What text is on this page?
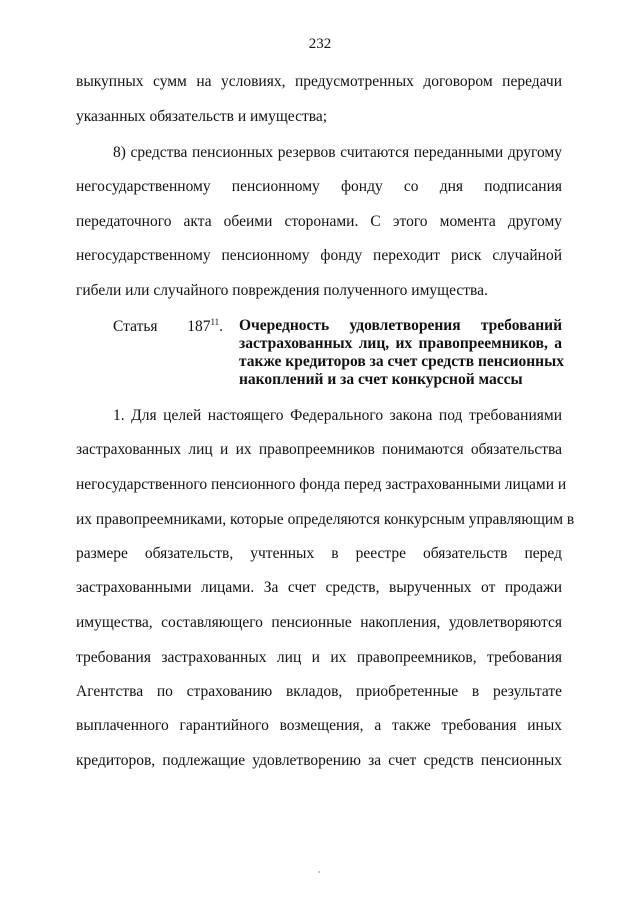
232
выкупных сумм на условиях, предусмотренных договором передачи
указанных обязательств и имущества;
8) средства пенсионных резервов считаются переданными другому
негосударственному пенсионному фонду со дня подписания
передаточного акта обеими сторонами. С этого момента другому
негосударственному пенсионному фонду переходит риск случайной
гибели или случайного повреждения полученного имущества.
Статья $187^{11}$. Очередность удовлетворения требований
застрахованных лиц, их правопреемников, а
также кредиторов за счет средств пенсионных
накоплений и за счет конкурсной массы
1. Для целей настоящего Федерального закона под требованиями
застрахованных лиц и их правопреемников понимаются обязательства
негосударственного пенсионного фонда перед застрахованными лицами и
их правопреемниками, которые определяются конкурсным управляющим в
размере обязательств, учтенных в реестре обязательств перед
застрахованными лицами. За счет средств, вырученных от продажи
имущества, составляющего пенсионные накопления, удовлетворяются
требования застрахованных лиц и их правопреемников, требования
Агентства по страхованию вкладов, приобретенные в результате
выплаченного гарантийного возмещения, а также требования иных
кредиторов, подлежащие удовлетворению за счет средств пенсионных
